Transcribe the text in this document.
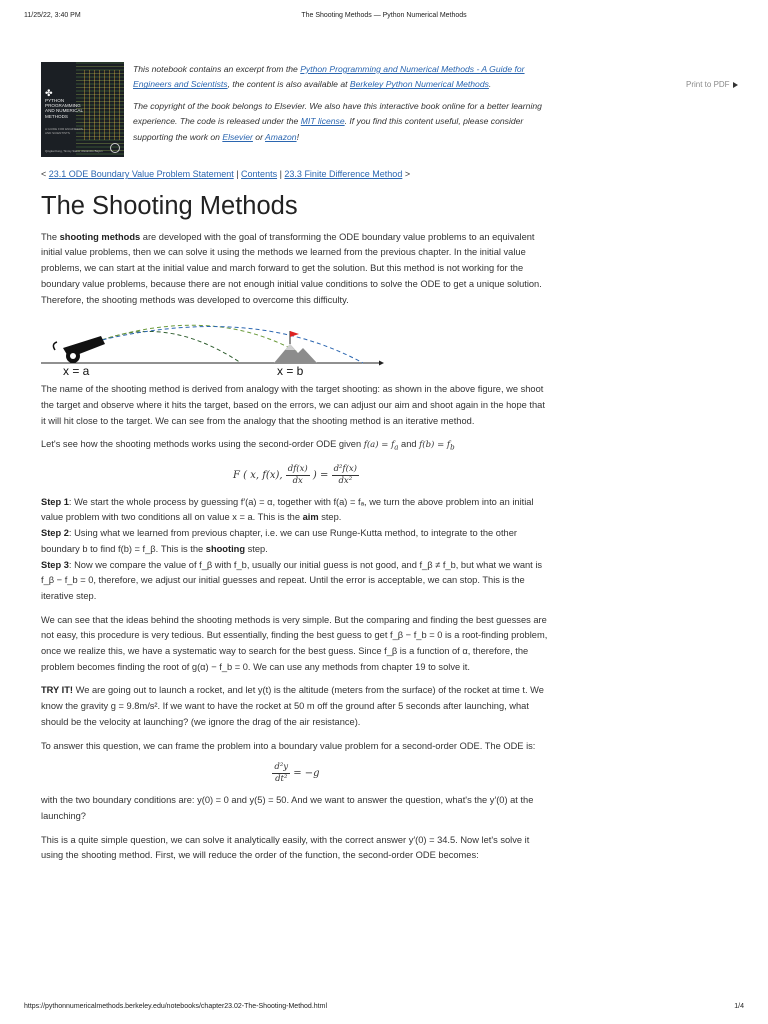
11/25/22, 3:40 PM	The Shooting Methods — Python Numerical Methods
Print to PDF
✤
PYTHON PROGRAMMING AND NUMERICAL METHODS
A GUIDE FOR ENGINEERS AND SCIENTISTS
Qingkai Kong, Timmy Siauw, Alexandre Bayen

This notebook contains an excerpt from the Python Programming and Numerical Methods - A Guide for Engineers and Scientists, the content is also available at Berkeley Python Numerical Methods.

The copyright of the book belongs to Elsevier. We also have this interactive book online for a better learning experience. The code is released under the MIT license. If you find this content useful, please consider supporting the work on Elsevier or Amazon!

< 23.1 ODE Boundary Value Problem Statement | Contents | 23.3 Finite Difference Method >
The Shooting Methods

The shooting methods are developed with the goal of transforming the ODE boundary value problems to an equivalent initial value problems, then we can solve it using the methods we learned from the previous chapter. In the initial value problems, we can start at the initial value and march forward to get the solution. But this method is not working for the boundary value problems, because there are not enough initial value conditions to solve the ODE to get a unique solution. Therefore, the shooting methods was developed to overcome this difficulty.

x = a	x = b

The name of the shooting method is derived from analogy with the target shooting: as shown in the above figure, we shoot the target and observe where it hits the target, based on the errors, we can adjust our aim and shoot again in the hope that it will hit close to the target. We can see from the analogy that the shooting method is an iterative method.

Let's see how the shooting methods works using the second-order ODE given $f(a) = f_a$ and $f(b) = f_b$

F ( x, f(x), $\frac{df(x)}{dx}$ ) = $\frac{\text{d²f(x)}}{\text{dx²}}$

Step 1: We start the whole process by guessing f′(a) = α, together with f(a) = fₐ, we turn the above problem into an initial value problem with two conditions all on value x = a. This is the aim step.

Step 2: Using what we learned from previous chapter, i.e. we can use Runge-Kutta method, to integrate to the other boundary b to find f(b) = f_β. This is the shooting step.

Step 3: Now we compare the value of f_β with f_b, usually our initial guess is not good, and f_β ≠ f_b, but what we want is f_β − f_b = 0, therefore, we adjust our initial guesses and repeat. Until the error is acceptable, we can stop. This is the iterative step.

We can see that the ideas behind the shooting methods is very simple. But the comparing and finding the best guesses are not easy, this procedure is very tedious. But essentially, finding the best guess to get f_β − f_b = 0 is a root-finding problem, once we realize this, we have a systematic way to search for the best guess. Since f_β is a function of α, therefore, the problem becomes finding the root of g(α) − f_b = 0. We can use any methods from chapter 19 to solve it.

TRY IT! We are going out to launch a rocket, and let y(t) is the altitude (meters from the surface) of the rocket at time t. We know the gravity g = 9.8m/s². If we want to have the rocket at 50 m off the ground after 5 seconds after launching, what should be the velocity at launching? (we ignore the drag of the air resistance).

To answer this question, we can frame the problem into a boundary value problem for a second-order ODE. The ODE is:

$\frac{\text{d²y}}{\text{dt²}} = -g$

with the two boundary conditions are: y(0) = 0 and y(5) = 50. And we want to answer the question, what's the y′(0) at the launching?

This is a quite simple question, we can solve it analytically easily, with the correct answer y′(0) = 34.5. Now let's solve it using the shooting method. First, we will reduce the order of the function, the second-order ODE becomes:

https://pythonnumericalmethods.berkeley.edu/notebooks/chapter23.02-The-Shooting-Method.html	1/4
